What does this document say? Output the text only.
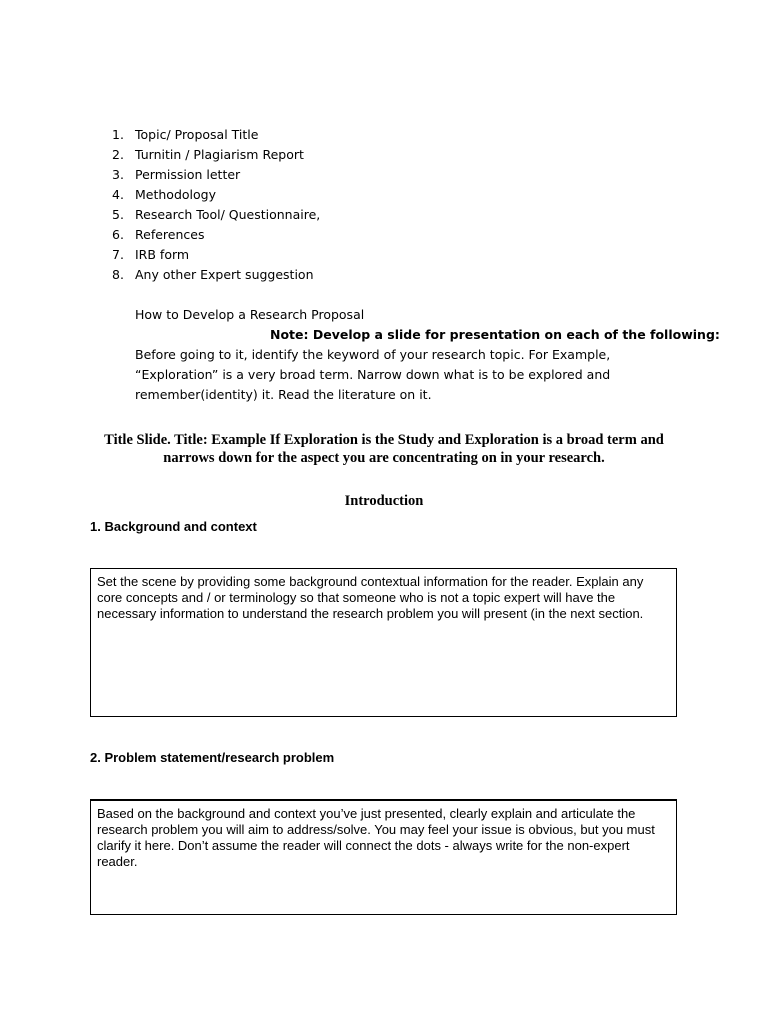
1. Topic/ Proposal Title
2. Turnitin / Plagiarism Report
3. Permission letter
4. Methodology
5. Research Tool/ Questionnaire,
6. References
7. IRB form
8. Any other Expert suggestion
How to Develop a Research Proposal
Note: Develop a slide for presentation on each of the following:
Before going to it, identify the keyword of your research topic. For Example, “Exploration” is a very broad term. Narrow down what is to be explored and remember(identity) it. Read the literature on it.
Title Slide. Title: Example If Exploration is the Study and Exploration is a broad term and narrows down for the aspect you are concentrating on in your research.
Introduction
1. Background and context
Set the scene by providing some background contextual information for the reader. Explain any core concepts and / or terminology so that someone who is not a topic expert will have the necessary information to understand the research problem you will present (in the next section.
2. Problem statement/research problem
Based on the background and context you’ve just presented, clearly explain and articulate the research problem you will aim to address/solve. You may feel your issue is obvious, but you must clarify it here. Don’t assume the reader will connect the dots - always write for the non-expert reader.
